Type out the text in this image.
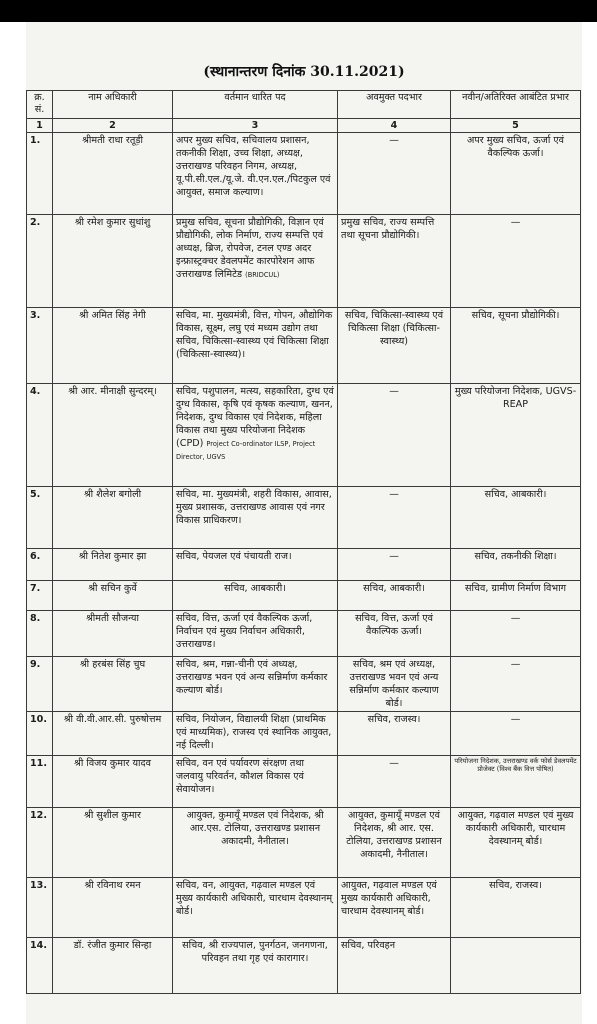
(स्थानान्तरण दिनांक 30.11.2021)
क्र. सं.	नाम अधिकारी	वर्तमान धारित पद	अवमुक्त पदभार	नवीन/अतिरिक्त आबंटित प्रभार
1	2	3	4	5
1.	श्रीमती राधा रतूड़ी	अपर मुख्य सचिव, सचिवालय प्रशासन, तकनीकी शिक्षा, उच्च शिक्षा, अध्यक्ष, उत्तराखण्ड परिवहन निगम, अध्यक्ष, यू.पी.सी.एल./यू.जे. वी.एन.एल./पिटकुल एवं आयुक्त, समाज कल्याण।	—	अपर मुख्य सचिव, ऊर्जा एवं वैकल्पिक ऊर्जा।
2.	श्री रमेश कुमार सुधांशु	प्रमुख सचिव, सूचना प्रौद्योगिकी, विज्ञान एवं प्रौद्योगिकी, लोक निर्माण, राज्य सम्पत्ति एवं अध्यक्ष, ब्रिज, रोपवेज, टनल एण्ड अदर इन्फ्रास्ट्रक्चर डेवलपमेंट कारपोरेशन आफ उत्तराखण्ड लिमिटेड (BRIDCUL)	प्रमुख सचिव, राज्य सम्पत्ति तथा सूचना प्रौद्योगिकी।	—
3.	श्री अमित सिंह नेगी	सचिव, मा. मुख्यमंत्री, वित्त, गोपन, औद्योगिक विकास, सूक्ष्म, लघु एवं मध्यम उद्योग तथा सचिव, चिकित्सा-स्वास्थ्य एवं चिकित्सा शिक्षा (चिकित्सा-स्वास्थ्य)।	सचिव, चिकित्सा-स्वास्थ्य एवं चिकित्सा शिक्षा (चिकित्सा-स्वास्थ्य)	सचिव, सूचना प्रौद्योगिकी।
4.	श्री आर. मीनाक्षी सुन्दरम्।	सचिव, पशुपालन, मत्स्य, सहकारिता, दुग्ध एवं दुग्ध विकास, कृषि एवं कृषक कल्याण, खनन, निदेशक, दुग्ध विकास एवं निदेशक, महिला विकास तथा मुख्य परियोजना निदेशक (CPD) Project Co-ordinator ILSP, Project Director, UGVS	—	मुख्य परियोजना निदेशक, UGVS-REAP
5.	श्री शैलेश बगोली	सचिव, मा. मुख्यमंत्री, शहरी विकास, आवास, मुख्य प्रशासक, उत्तराखण्ड आवास एवं नगर विकास प्राधिकरण।	—	सचिव, आबकारी।
6.	श्री नितेश कुमार झा	सचिव, पेयजल एवं पंचायती राज।	—	सचिव, तकनीकी शिक्षा।
7.	श्री सचिन कुर्वे	सचिव, आबकारी।	सचिव, आबकारी।	सचिव, ग्रामीण निर्माण विभाग
8.	श्रीमती सौजन्या	सचिव, वित्त, ऊर्जा एवं वैकल्पिक ऊर्जा, निर्वाचन एवं मुख्य निर्वाचन अधिकारी, उत्तराखण्ड।	सचिव, वित्त, ऊर्जा एवं वैकल्पिक ऊर्जा।	—
9.	श्री हरबंस सिंह चुघ	सचिव, श्रम, गन्ना-चीनी एवं अध्यक्ष, उत्तराखण्ड भवन एवं अन्य सन्निर्माण कर्मकार कल्याण बोर्ड।	सचिव, श्रम एवं अध्यक्ष, उत्तराखण्ड भवन एवं अन्य सन्निर्माण कर्मकार कल्याण बोर्ड।	—
10.	श्री वी.वी.आर.सी. पुरुषोत्तम	सचिव, नियोजन, विद्यालयी शिक्षा (प्राथमिक एवं माध्यमिक), राजस्व एवं स्थानिक आयुक्त, नई दिल्ली।	सचिव, राजस्व।	—
11.	श्री विजय कुमार यादव	सचिव, वन एवं पर्यावरण संरक्षण तथा जलवायु परिवर्तन, कौशल विकास एवं सेवायोजन।	—	परियोजना निदेशक, उत्तराखण्ड वर्क फोर्स डेवलपमेंट प्रोजेक्ट (विश्व बैंक वित्त पोषित)
12.	श्री सुशील कुमार	आयुक्त, कुमायूँ मण्डल एवं निदेशक, श्री आर.एस. टोलिया, उत्तराखण्ड प्रशासन अकादमी, नैनीताल।	आयुक्त, कुमायूँ मण्डल एवं निदेशक, श्री आर. एस. टोलिया, उत्तराखण्ड प्रशासन अकादमी, नैनीताल।	आयुक्त, गढ़वाल मण्डल एवं मुख्य कार्यकारी अधिकारी, चारधाम देवस्थानम् बोर्ड।
13.	श्री रविनाथ रमन	सचिव, वन, आयुक्त, गढ़वाल मण्डल एवं मुख्य कार्यकारी अधिकारी, चारधाम देवस्थानम् बोर्ड।	आयुक्त, गढ़वाल मण्डल एवं मुख्य कार्यकारी अधिकारी, चारधाम देवस्थानम् बोर्ड।	सचिव, राजस्व।
14.	डॉ. रंजीत कुमार सिन्हा	सचिव, श्री राज्यपाल, पुनर्गठन, जनगणना, परिवहन तथा गृह एवं कारागार।	सचिव, परिवहन	
